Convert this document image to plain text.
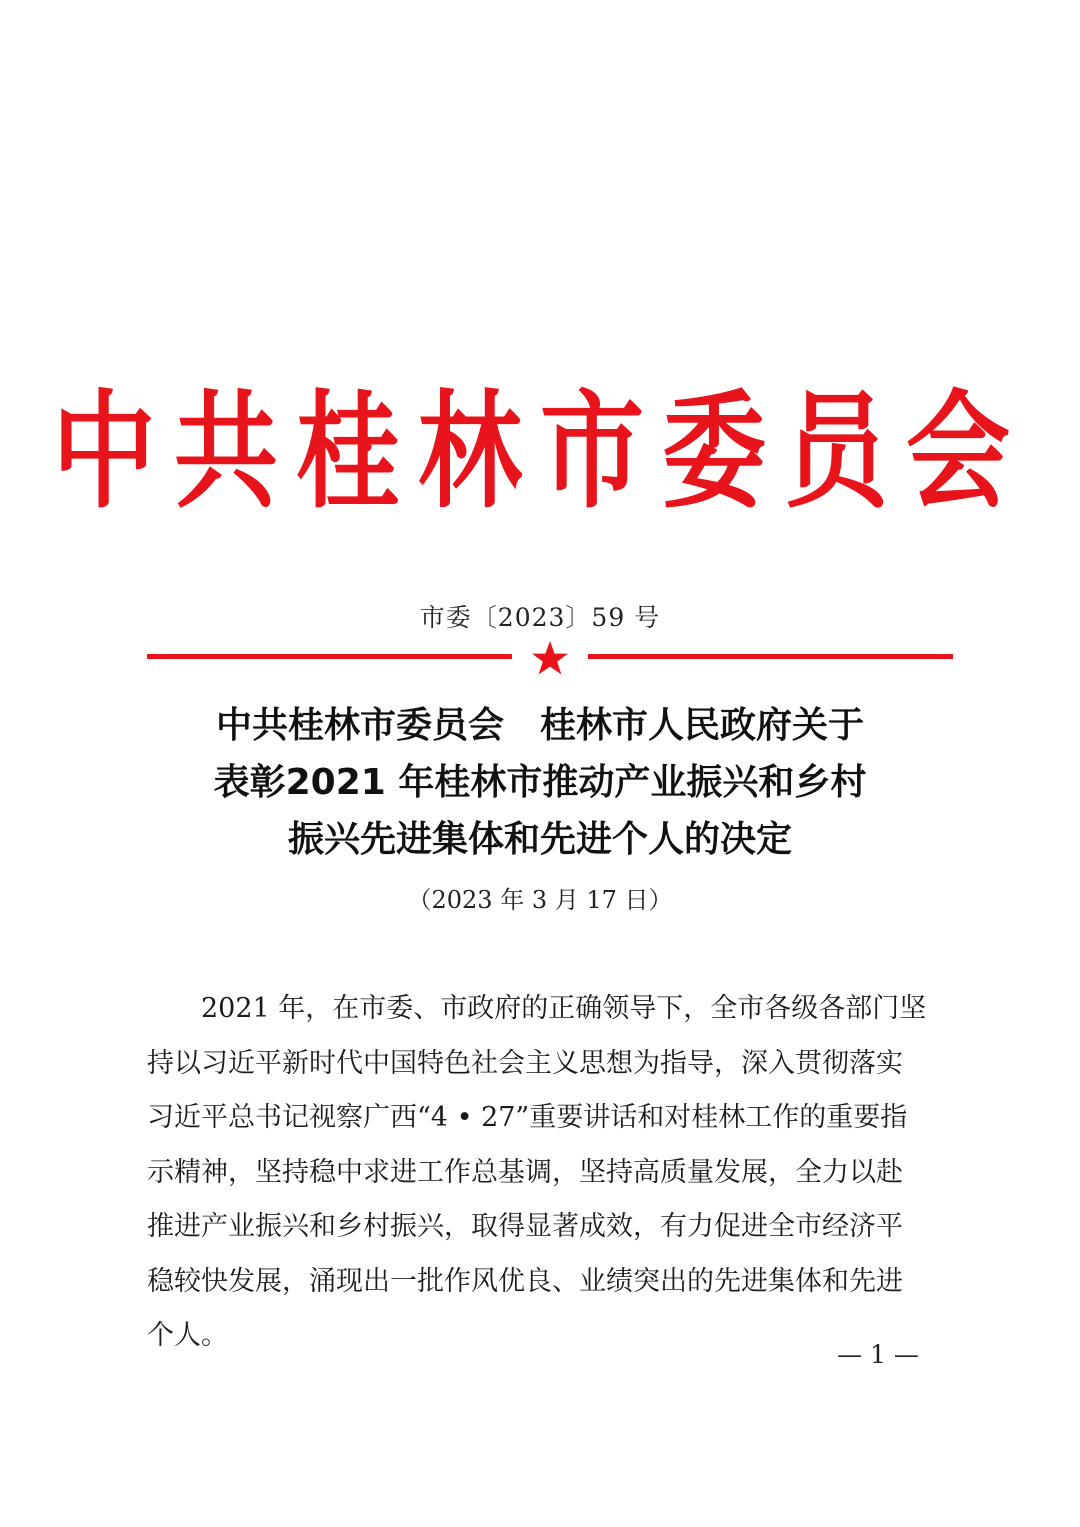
中共桂林市委员会
市委〔2023〕59 号
中共桂林市委员会　桂林市人民政府关于
表彰2021 年桂林市推动产业振兴和乡村
振兴先进集体和先进个人的决定
（2023 年 3 月 17 日）
　　2021 年，在市委、市政府的正确领导下，全市各级各部门坚
持以习近平新时代中国特色社会主义思想为指导，深入贯彻落实
习近平总书记视察广西“4 • 27”重要讲话和对桂林工作的重要指
示精神，坚持稳中求进工作总基调，坚持高质量发展，全力以赴
推进产业振兴和乡村振兴，取得显著成效，有力促进全市经济平
稳较快发展，涌现出一批作风优良、业绩突出的先进集体和先进
个人。
— 1 —
